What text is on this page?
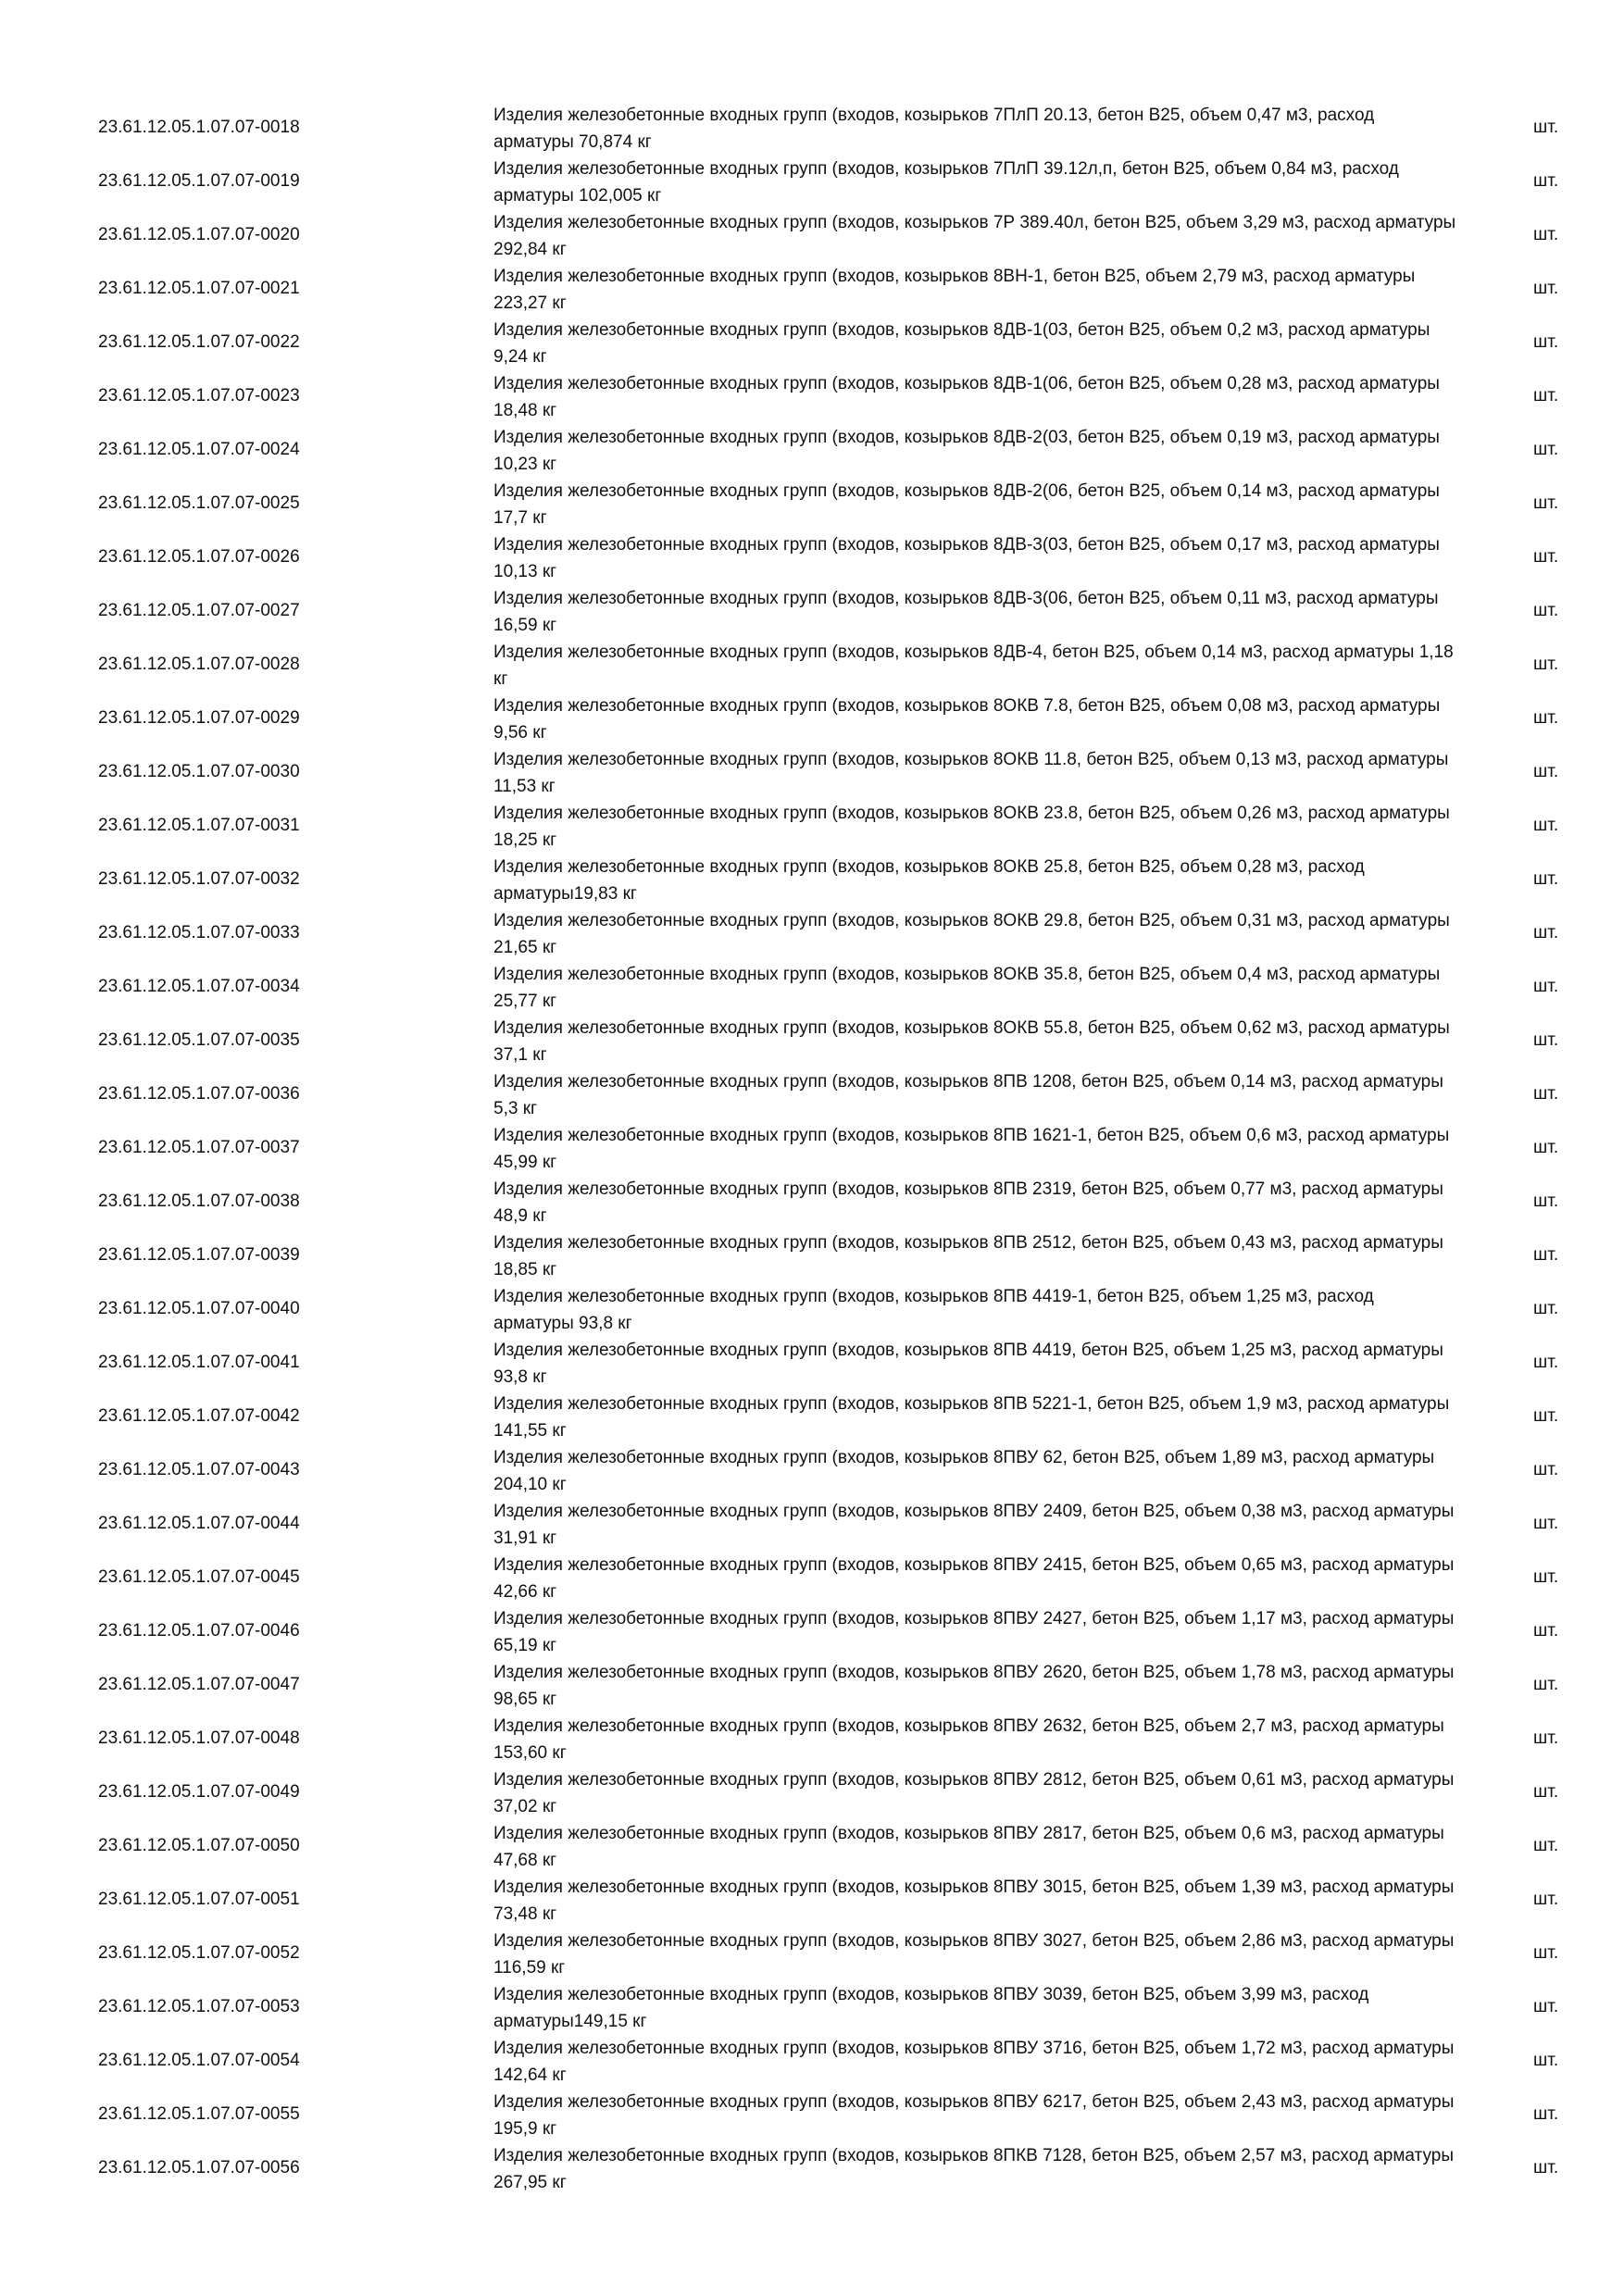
23.61.12.05.1.07.07-0018
Изделия железобетонные входных групп (входов, козырьков 7ПлП 20.13, бетон В25, объем 0,47 м3, расход арматуры 70,874 кг
шт.
23.61.12.05.1.07.07-0019
Изделия железобетонные входных групп (входов, козырьков 7ПлП 39.12л,п, бетон В25, объем 0,84 м3, расход арматуры 102,005 кг
шт.
23.61.12.05.1.07.07-0020
Изделия железобетонные входных групп (входов, козырьков 7Р 389.40л, бетон В25, объем 3,29 м3, расход арматуры 292,84 кг
шт.
23.61.12.05.1.07.07-0021
Изделия железобетонные входных групп (входов, козырьков 8ВН-1, бетон В25, объем 2,79 м3, расход арматуры 223,27 кг
шт.
23.61.12.05.1.07.07-0022
Изделия железобетонные входных групп (входов, козырьков 8ДВ-1(03, бетон В25, объем 0,2 м3, расход арматуры 9,24 кг
шт.
23.61.12.05.1.07.07-0023
Изделия железобетонные входных групп (входов, козырьков 8ДВ-1(06, бетон В25, объем 0,28 м3, расход арматуры 18,48 кг
шт.
23.61.12.05.1.07.07-0024
Изделия железобетонные входных групп (входов, козырьков 8ДВ-2(03, бетон В25, объем 0,19 м3, расход арматуры 10,23 кг
шт.
23.61.12.05.1.07.07-0025
Изделия железобетонные входных групп (входов, козырьков 8ДВ-2(06, бетон В25, объем 0,14 м3, расход арматуры 17,7 кг
шт.
23.61.12.05.1.07.07-0026
Изделия железобетонные входных групп (входов, козырьков 8ДВ-3(03, бетон В25, объем 0,17 м3, расход арматуры 10,13 кг
шт.
23.61.12.05.1.07.07-0027
Изделия железобетонные входных групп (входов, козырьков 8ДВ-3(06, бетон В25, объем 0,11 м3, расход арматуры 16,59 кг
шт.
23.61.12.05.1.07.07-0028
Изделия железобетонные входных групп (входов, козырьков 8ДВ-4, бетон В25, объем 0,14 м3, расход арматуры 1,18 кг
шт.
23.61.12.05.1.07.07-0029
Изделия железобетонные входных групп (входов, козырьков 8ОКВ 7.8, бетон В25, объем 0,08 м3, расход арматуры 9,56 кг
шт.
23.61.12.05.1.07.07-0030
Изделия железобетонные входных групп (входов, козырьков 8ОКВ 11.8, бетон В25, объем 0,13 м3, расход арматуры 11,53 кг
шт.
23.61.12.05.1.07.07-0031
Изделия железобетонные входных групп (входов, козырьков 8ОКВ 23.8, бетон В25, объем 0,26 м3, расход арматуры 18,25 кг
шт.
23.61.12.05.1.07.07-0032
Изделия железобетонные входных групп (входов, козырьков 8ОКВ 25.8, бетон В25, объем 0,28 м3, расход арматуры19,83 кг
шт.
23.61.12.05.1.07.07-0033
Изделия железобетонные входных групп (входов, козырьков 8ОКВ 29.8, бетон В25, объем 0,31 м3, расход арматуры 21,65 кг
шт.
23.61.12.05.1.07.07-0034
Изделия железобетонные входных групп (входов, козырьков 8ОКВ 35.8, бетон В25, объем 0,4 м3, расход арматуры 25,77 кг
шт.
23.61.12.05.1.07.07-0035
Изделия железобетонные входных групп (входов, козырьков 8ОКВ 55.8, бетон В25, объем 0,62 м3, расход арматуры 37,1 кг
шт.
23.61.12.05.1.07.07-0036
Изделия железобетонные входных групп (входов, козырьков 8ПВ 1208, бетон В25, объем 0,14 м3, расход арматуры 5,3 кг
шт.
23.61.12.05.1.07.07-0037
Изделия железобетонные входных групп (входов, козырьков 8ПВ 1621-1, бетон В25, объем 0,6 м3, расход арматуры 45,99 кг
шт.
23.61.12.05.1.07.07-0038
Изделия железобетонные входных групп (входов, козырьков 8ПВ 2319, бетон В25, объем 0,77 м3, расход арматуры 48,9 кг
шт.
23.61.12.05.1.07.07-0039
Изделия железобетонные входных групп (входов, козырьков 8ПВ 2512, бетон В25, объем 0,43 м3, расход арматуры 18,85 кг
шт.
23.61.12.05.1.07.07-0040
Изделия железобетонные входных групп (входов, козырьков 8ПВ 4419-1, бетон В25, объем 1,25 м3, расход арматуры 93,8 кг
шт.
23.61.12.05.1.07.07-0041
Изделия железобетонные входных групп (входов, козырьков 8ПВ 4419, бетон В25, объем 1,25 м3, расход арматуры 93,8 кг
шт.
23.61.12.05.1.07.07-0042
Изделия железобетонные входных групп (входов, козырьков 8ПВ 5221-1, бетон В25, объем 1,9 м3, расход арматуры 141,55 кг
шт.
23.61.12.05.1.07.07-0043
Изделия железобетонные входных групп (входов, козырьков 8ПВУ 62, бетон В25, объем 1,89 м3, расход арматуры 204,10 кг
шт.
23.61.12.05.1.07.07-0044
Изделия железобетонные входных групп (входов, козырьков 8ПВУ 2409, бетон В25, объем 0,38 м3, расход арматуры 31,91 кг
шт.
23.61.12.05.1.07.07-0045
Изделия железобетонные входных групп (входов, козырьков 8ПВУ 2415, бетон В25, объем 0,65 м3, расход арматуры 42,66 кг
шт.
23.61.12.05.1.07.07-0046
Изделия железобетонные входных групп (входов, козырьков 8ПВУ 2427, бетон В25, объем 1,17 м3, расход арматуры 65,19 кг
шт.
23.61.12.05.1.07.07-0047
Изделия железобетонные входных групп (входов, козырьков 8ПВУ 2620, бетон В25, объем 1,78 м3, расход арматуры 98,65 кг
шт.
23.61.12.05.1.07.07-0048
Изделия железобетонные входных групп (входов, козырьков 8ПВУ 2632, бетон В25, объем 2,7 м3, расход арматуры 153,60 кг
шт.
23.61.12.05.1.07.07-0049
Изделия железобетонные входных групп (входов, козырьков 8ПВУ 2812, бетон В25, объем 0,61 м3, расход арматуры 37,02 кг
шт.
23.61.12.05.1.07.07-0050
Изделия железобетонные входных групп (входов, козырьков 8ПВУ 2817, бетон В25, объем 0,6 м3, расход арматуры 47,68 кг
шт.
23.61.12.05.1.07.07-0051
Изделия железобетонные входных групп (входов, козырьков 8ПВУ 3015, бетон В25, объем 1,39 м3, расход арматуры 73,48 кг
шт.
23.61.12.05.1.07.07-0052
Изделия железобетонные входных групп (входов, козырьков 8ПВУ 3027, бетон В25, объем 2,86 м3, расход арматуры 116,59 кг
шт.
23.61.12.05.1.07.07-0053
Изделия железобетонные входных групп (входов, козырьков 8ПВУ 3039, бетон В25, объем 3,99 м3, расход арматуры149,15 кг
шт.
23.61.12.05.1.07.07-0054
Изделия железобетонные входных групп (входов, козырьков 8ПВУ 3716, бетон В25, объем 1,72 м3, расход арматуры 142,64 кг
шт.
23.61.12.05.1.07.07-0055
Изделия железобетонные входных групп (входов, козырьков 8ПВУ 6217, бетон В25, объем 2,43 м3, расход арматуры 195,9 кг
шт.
23.61.12.05.1.07.07-0056
Изделия железобетонные входных групп (входов, козырьков 8ПКВ 7128, бетон В25, объем 2,57 м3, расход арматуры 267,95 кг
шт.
